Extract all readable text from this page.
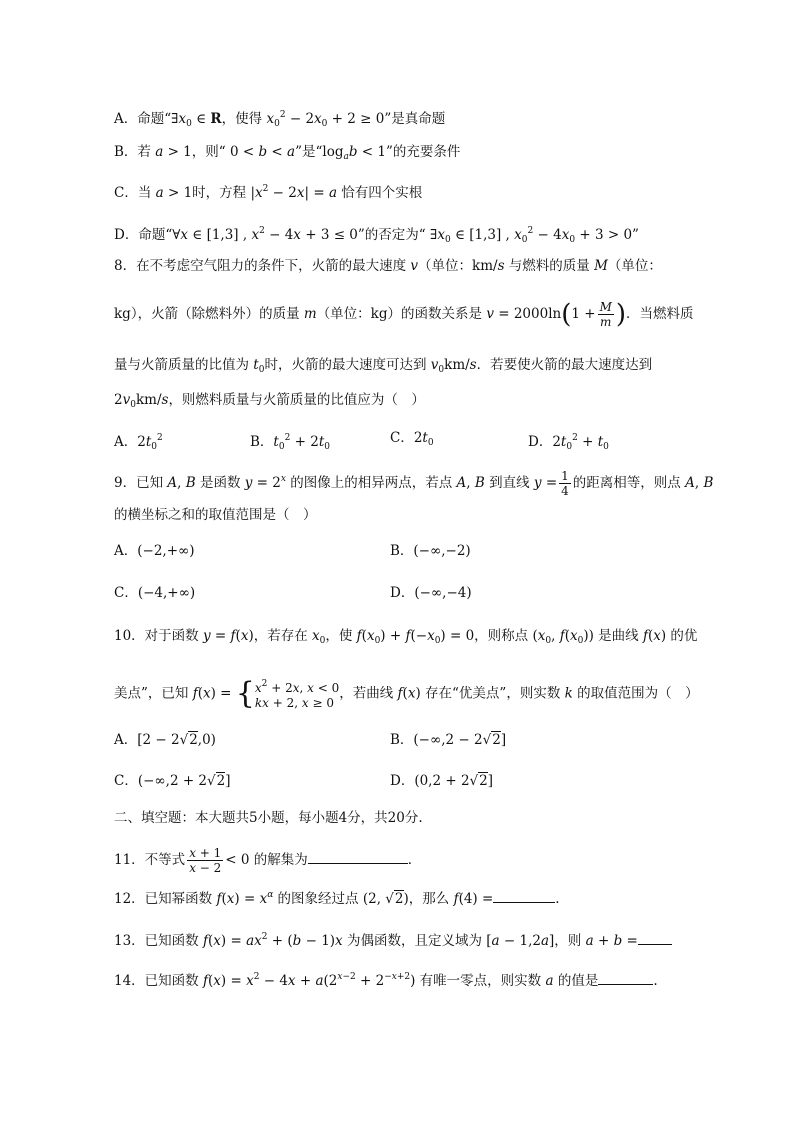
A．命题“$\exists x_0$ ∈ R，使得 $x_0^2 - 2x_0 + 2 \ge 0$”是真命题
B．若 a > 1，则“ 0 < b < a”是“$\log_ab < 1$”的充要条件
C．当 a > 1时，方程 $|x^2 - 2x| = a$ 恰有四个实根
D．命题“∀x ∈ [1,3] , $x^2 - 4x + 3 \le 0$”的否定为“ $\exists x_0$ ∈ [1,3] , $x_0^2 - 4x_0 + 3 > 0$”
8．在不考虑空气阻力的条件下，火箭的最大速度 v（单位：km/s 与燃料的质量 M（单位：
kg），火箭（除燃料外）的质量 m（单位：kg）的函数关系是 $v = 2000\ln(1 + \frac{M}{m}$ )．当燃料质
量与火箭质量的比值为 $t_0$时，火箭的最大速度可达到 $v_0km/s$．若要使火箭的最大速度达到
$2v_0km/s$，则燃料质量与火箭质量的比值应为（　）
A．$2t_0^2$	B．$t_0^2 + 2t_0$
C．$2t_0$	D．$2t_0^2 + t_0$
9．已知 A, B 是函数 $y = 2^x$ 的图像上的相异两点，若点 A, B 到直线 $y = \frac{1}{4}$ 的距离相等，则点 A, B
的横坐标之和的取值范围是（　）
A．(−2,+∞)	B．(−∞,−2)
C．(−4,+∞)	D．(−∞,−4)
10．对于函数 y = f(x)，若存在 $x_0$，使 $f(x_0) + f(-x_0) = 0$，则称点 ($x_0$, $f(x_0)$) 是曲线 f(x) 的优
美点”，已知 f(x) = { $x^2 + 2x$, x < 0
kx + 2, x ≥ 0
，若曲线 f(x) 存在“优美点”，则实数 k 的取值范围为（　）
A．[2 − 2√2,0)	B．(−∞,2 − 2√2]
C．(−∞,2 + 2√2]	D．(0,2 + 2√2]
二、填空题：本大题共5小题，每小题4分，共20分.
11．不等式 $\frac{x + 1}{x - 2} < 0$ 的解集为	．
12．已知幂函数 $f(x) = x^\alpha$ 的图象经过点 (2, √2)，那么 f(4) =	.
13．已知函数 $f(x) = ax^2 + (b - 1)x$ 为偶函数，且定义域为 [a − 1,2a]，则 a + b =
14．已知函数 $f(x) = x^2 - 4x + a(2^{x-2} + 2^{-x+2})$ 有唯一零点，则实数 a 的值是	.
